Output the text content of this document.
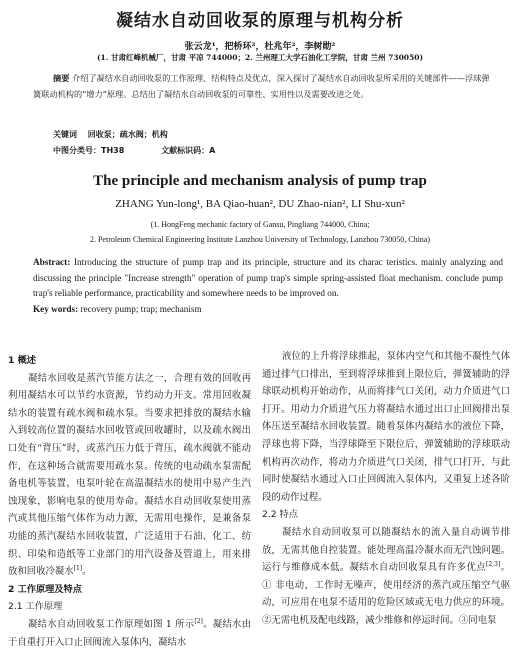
凝结水自动回收泵的原理与机构分析
张云龙¹，把桥环²，杜兆年²，李树勋²
(1. 甘肃红峰机械厂，甘肃 平凉 744000；2. 兰州理工大学石油化工学院，甘肃 兰州 730050)
摘要 介绍了凝结水自动回收泵的工作原理、结构特点及优点，深入探讨了凝结水自动回收泵所采用的关键部件——浮球弹簧联动机构的“增力”原理。总结出了凝结水自动回收泵的可靠性、实用性以及需要改进之处。
关键词 回收泵；疏水阀；机构
中图分类号：TH38	文献标识码：A
The principle and mechanism analysis of pump trap
ZHANG Yun-long¹, BA Qiao-huan², DU Zhao-nian², LI Shu-xun²
(1. HongFeng mechanic factory of Gansu, Pingliang 744000, China;
2. Petroleum Chemical Engineering Institute Lanzhou University of Technology, Lanzhou 730050, China)
Abstract: Introducing the structure of pump trap and its principle, structure and its charac teristics. mainly analyzing and discussing the principle "Increase strength" operation of pump trap's simple spring-assisted float mechanism. conclude pump trap's reliable performance, practicability and somewhere needs to be improved on.
Key words: recovery pump; trap; mechanism
1 概述

凝结水回收是蒸汽节能方法之一，合理有效的回收再利用凝结水可以节约水资源，节约动力开支。常用回收凝结水的装置有疏水阀和疏水泵。当要求把排放的凝结水输入到较高位置的凝结水回收管或回收罐时，以及疏水阀出口处有“背压”时，或蒸汽压力低于背压，疏水阀就不能动作，在这种场合就需要用疏水泵。传统的电动疏水泵需配备电机等装置，电泵叶轮在高温凝结水的使用中易产生汽蚀现象，影响电泵的使用寿命。凝结水自动回收泵使用蒸汽或其他压缩气体作为动力源，无需用电操作，是兼备泵功能的蒸汽凝结水回收装置，广泛适用于石油、化工、纺织、印染和造纸等工业部门的用汽设备及管道上，用来排放和回收冷凝水[1]。

2 工作原理及特点
2.1 工作原理

凝结水自动回收泵工作原理如图 1 所示[2]。凝结水由于自重打开入口止回阀流入泵体内，凝结水

液位的上升将浮球推起，泵体内空气和其他不凝性气体通过排气口排出，至到将浮球推到上限位后，弹簧辅助的浮球联动机构开始动作，从而将排气口关闭，动力介质进气口打开。用动力介质进气压力将凝结水通过出口止回阀排出泵体压送至凝结水回收装置。随着泵体内凝结水的液位下降，浮球也将下降，当浮球降至下限位后，弹簧辅助的浮球联动机构再次动作，将动力介质进气口关闭，排气口打开，与此同时使凝结水通过入口止回阀流入泵体内，又重复上述各阶段的动作过程。

2.2 特点

凝结水自动回收泵可以随凝结水的流入量自动调节排放，无需其他自控装置。能处理高温冷凝水而无汽蚀问题。运行与维修成本低。凝结水自动回收泵具有许多优点[2,3]。① 非电动，工作时无噪声，使用经济的蒸汽或压缩空气驱动，可应用在电泵不适用的危险区域或无电力供应的环境。②无需电机及配电线路，减少维修和停运时间。③同电泵
